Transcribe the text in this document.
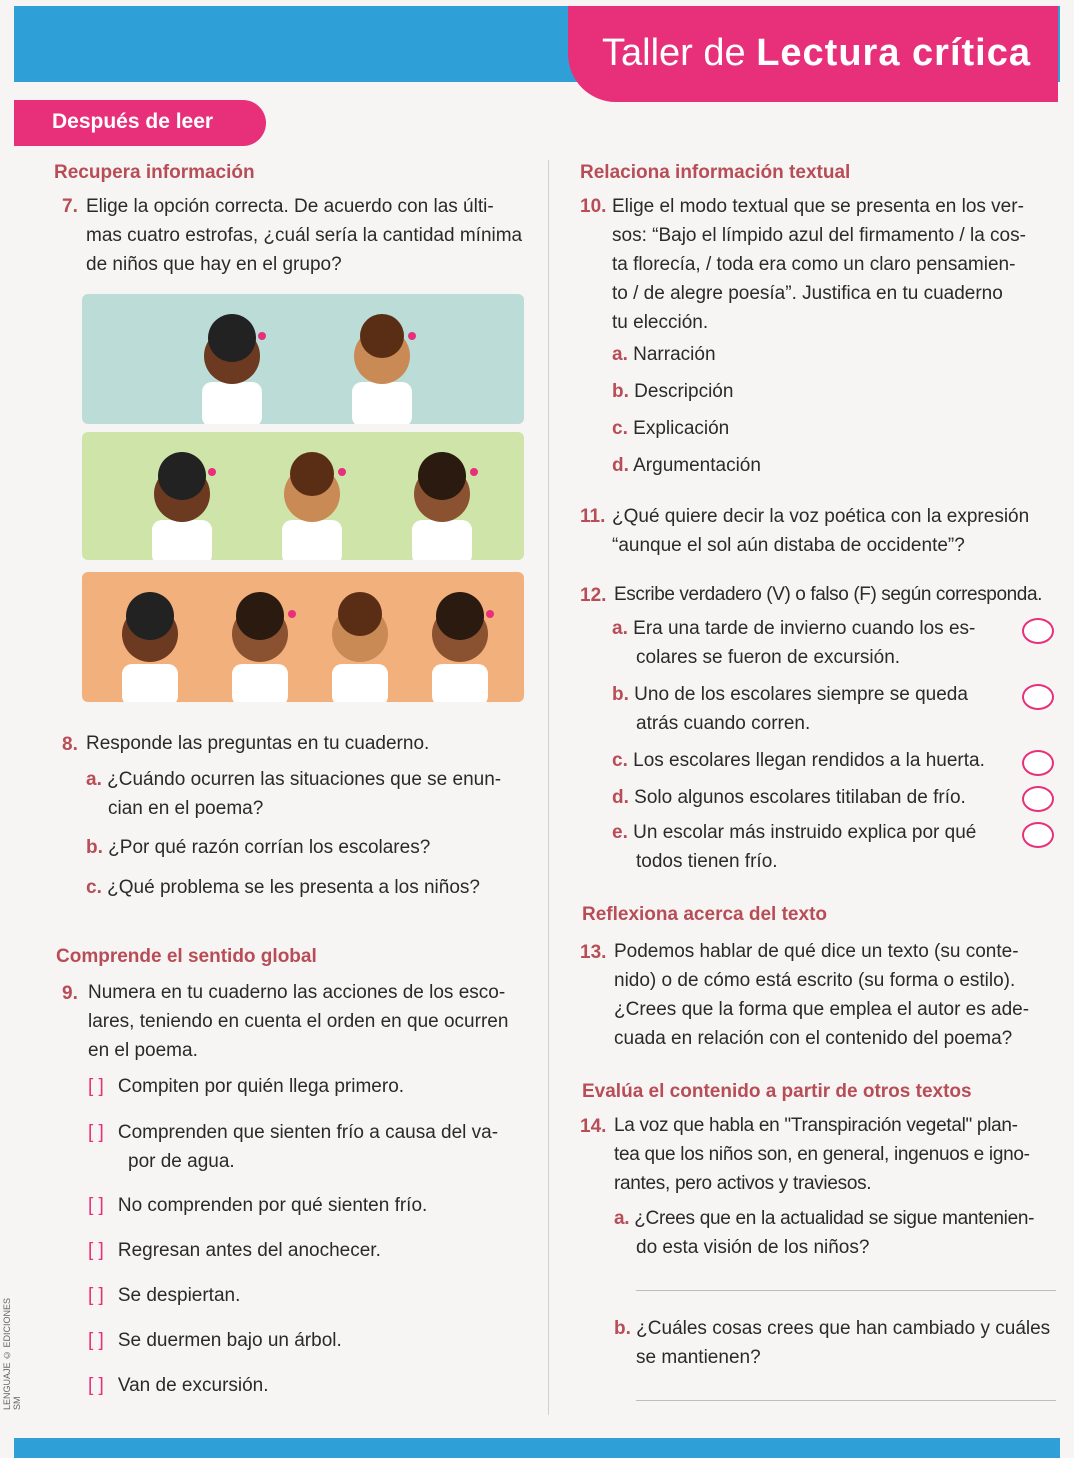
Taller de Lectura crítica
Después de leer
Recupera información
7. Elige la opción correcta. De acuerdo con las últi-
mas cuatro estrofas, ¿cuál sería la cantidad mínima
de niños que hay en el grupo?
8. Responde las preguntas en tu cuaderno.
a. ¿Cuándo ocurren las situaciones que se enun-
cian en el poema?
b. ¿Por qué razón corrían los escolares?
c. ¿Qué problema se les presenta a los niños?
Comprende el sentido global
9. Numera en tu cuaderno las acciones de los esco-
lares, teniendo en cuenta el orden en que ocurren
en el poema.
[ ] Compiten por quién llega primero.
[ ] Comprenden que sienten frío a causa del va-
por de agua.
[ ] No comprenden por qué sienten frío.
[ ] Regresan antes del anochecer.
[ ] Se despiertan.
[ ] Se duermen bajo un árbol.
[ ] Van de excursión.
Relaciona información textual
10. Elige el modo textual que se presenta en los ver-
sos: “Bajo el límpido azul del firmamento / la cos-
ta florecía, / toda era como un claro pensamien-
to / de alegre poesía”. Justifica en tu cuaderno
tu elección.
a. Narración
b. Descripción
c. Explicación
d. Argumentación
11. ¿Qué quiere decir la voz poética con la expresión
“aunque el sol aún distaba de occidente”?
12. Escribe verdadero (V) o falso (F) según corresponda.
a. Era una tarde de invierno cuando los es-
colares se fueron de excursión.
b. Uno de los escolares siempre se queda
atrás cuando corren.
c. Los escolares llegan rendidos a la huerta.
d. Solo algunos escolares titilaban de frío.
e. Un escolar más instruido explica por qué
todos tienen frío.
Reflexiona acerca del texto
13. Podemos hablar de qué dice un texto (su conte-
nido) o de cómo está escrito (su forma o estilo).
¿Crees que la forma que emplea el autor es ade-
cuada en relación con el contenido del poema?
Evalúa el contenido a partir de otros textos
14. La voz que habla en "Transpiración vegetal" plan-
tea que los niños son, en general, ingenuos e igno-
rantes, pero activos y traviesos.
a. ¿Crees que en la actualidad se sigue mantenien-
do esta visión de los niños?
b. ¿Cuáles cosas crees que han cambiado y cuáles
se mantienen?
LENGUAJE © EDICIONES SM
